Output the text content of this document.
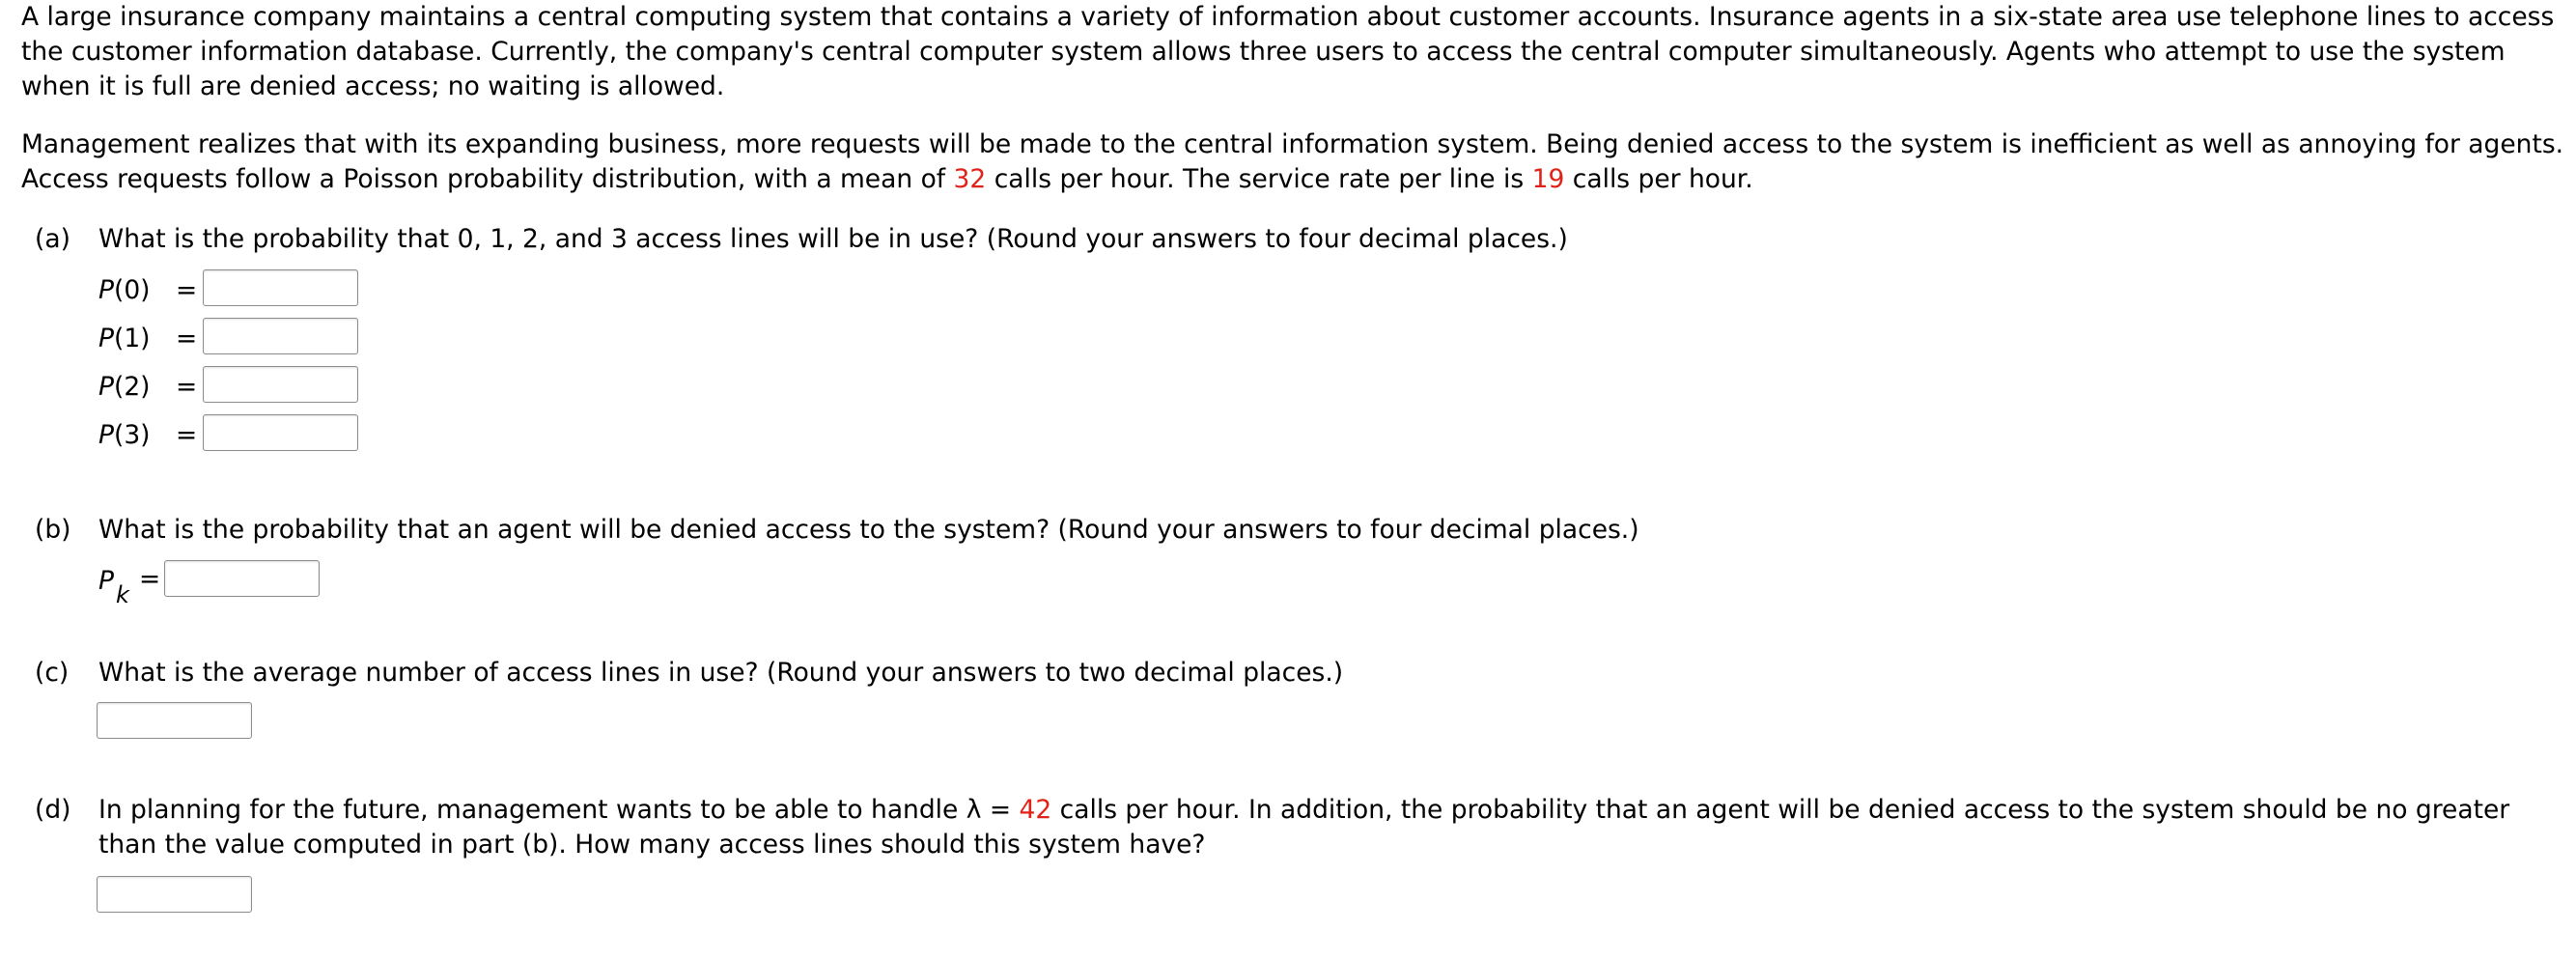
A large insurance company maintains a central computing system that contains a variety of information about customer accounts. Insurance agents in a six-state area use telephone lines to access the customer information database. Currently, the company's central computer system allows three users to access the central computer simultaneously. Agents who attempt to use the system when it is full are denied access; no waiting is allowed.

Management realizes that with its expanding business, more requests will be made to the central information system. Being denied access to the system is inefficient as well as annoying for agents. Access requests follow a Poisson probability distribution, with a mean of 32 calls per hour. The service rate per line is 19 calls per hour.

(a) What is the probability that 0, 1, 2, and 3 access lines will be in use? (Round your answers to four decimal places.)
P(0) =
P(1) =
P(2) =
P(3) =
(b) What is the probability that an agent will be denied access to the system? (Round your answers to four decimal places.)
P k
=
(c) What is the average number of access lines in use? (Round your answers to two decimal places.)
(d) In planning for the future, management wants to be able to handle λ = 42 calls per hour. In addition, the probability that an agent will be denied access to the system should be no greater than the value computed in part (b). How many access lines should this system have?
